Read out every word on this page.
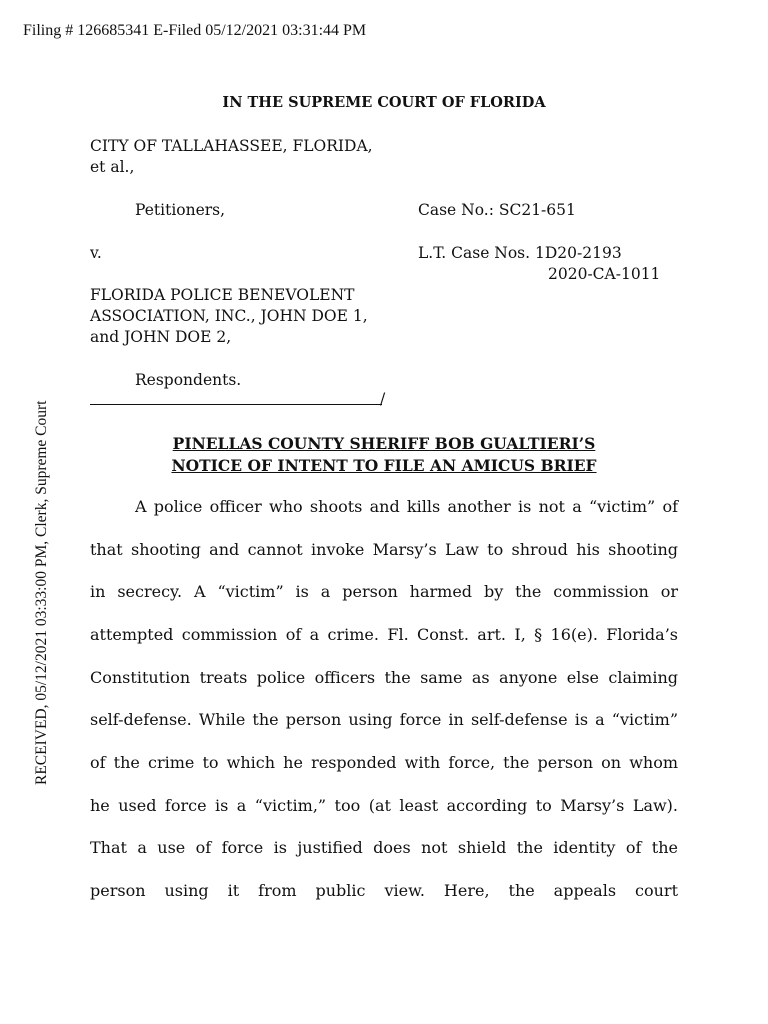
Filing # 126685341 E-Filed 05/12/2021 03:31:44 PM
RECEIVED, 05/12/2021 03:33:00 PM, Clerk, Supreme Court
IN THE SUPREME COURT OF FLORIDA
CITY OF TALLAHASSEE, FLORIDA,
et al.,
Petitioners,	Case No.: SC21-651
v.	L.T. Case Nos. 1D20-2193
2020-CA-1011
FLORIDA POLICE BENEVOLENT
ASSOCIATION, INC., JOHN DOE 1,
and JOHN DOE 2,
Respondents.
/
PINELLAS COUNTY SHERIFF BOB GUALTIERI’S
NOTICE OF INTENT TO FILE AN AMICUS BRIEF
A police officer who shoots and kills another is not a “victim” of
that shooting and cannot invoke Marsy’s Law to shroud his shooting
in secrecy. A “victim” is a person harmed by the commission or
attempted commission of a crime. Fl. Const. art. I, § 16(e). Florida’s
Constitution treats police officers the same as anyone else claiming
self-defense. While the person using force in self-defense is a “victim”
of the crime to which he responded with force, the person on whom
he used force is a “victim,” too (at least according to Marsy’s Law).
That a use of force is justified does not shield the identity of the
person using it from public view. Here, the appeals court
